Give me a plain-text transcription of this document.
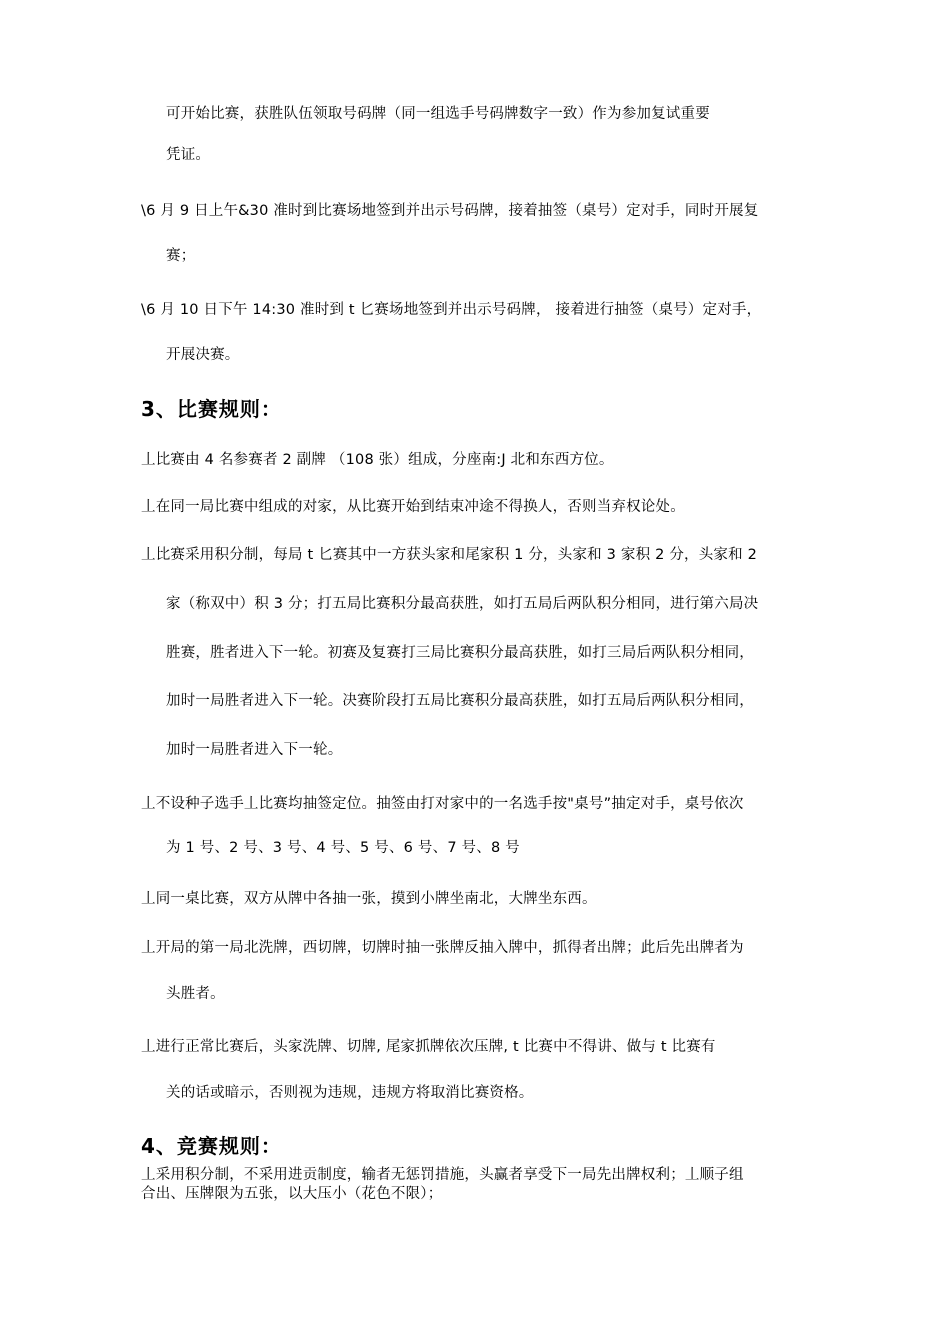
可开始比赛，获胜队伍领取号码牌（同一组选手号码牌数字一致）作为参加复试重要
凭证。
\6 月 9 日上午&30 准时到比赛场地签到并出示号码牌，接着抽签（桌号）定对手，同时开展复
赛；
\6 月 10 日下午 14:30 准时到 t 匕赛场地签到并出示号码牌， 接着进行抽签（桌号）定对手，
开展决赛。
3、比赛规则：
丄比赛由 4 名参赛者 2 副牌 （108 张）组成，分座南:J 北和东西方位。
丄在同一局比赛中组成的对家，从比赛开始到结束冲途不得换人，否则当弃权论处。
丄比赛采用积分制，每局 t 匕赛其中一方获头家和尾家积 1 分，头家和 3 家积 2 分，头家和 2
家（称双中）积 3 分；打五局比赛积分最高获胜，如打五局后两队积分相同，进行第六局决
胜赛，胜者进入下一轮。初赛及复赛打三局比赛积分最高获胜，如打三局后两队积分相同，
加时一局胜者进入下一轮。决赛阶段打五局比赛积分最高获胜，如打五局后两队积分相同，
加时一局胜者进入下一轮。
丄不设种子选手丄比赛均抽签定位。抽签由打对家中的一名选手按"桌号”抽定对手，桌号依次
为 1 号、2 号、3 号、4 号、5 号、6 号、7 号、8 号
丄同一桌比赛，双方从牌中各抽一张，摸到小牌坐南北，大牌坐东西。
丄开局的第一局北洗牌，西切牌，切牌时抽一张牌反抽入牌中，抓得者出牌；此后先出牌者为
头胜者。
丄进行正常比赛后，头家洗牌、切牌, 尾家抓牌依次压牌, t 比赛中不得讲、做与 t 比赛有
关的话或暗示，否则视为违规，违规方将取消比赛资格。
4、竞赛规则：
丄采用积分制，不采用进贡制度，输者无惩罚措施，头赢者享受下一局先出牌权利；丄顺子组
合出、压牌限为五张，以大压小（花色不限）；
